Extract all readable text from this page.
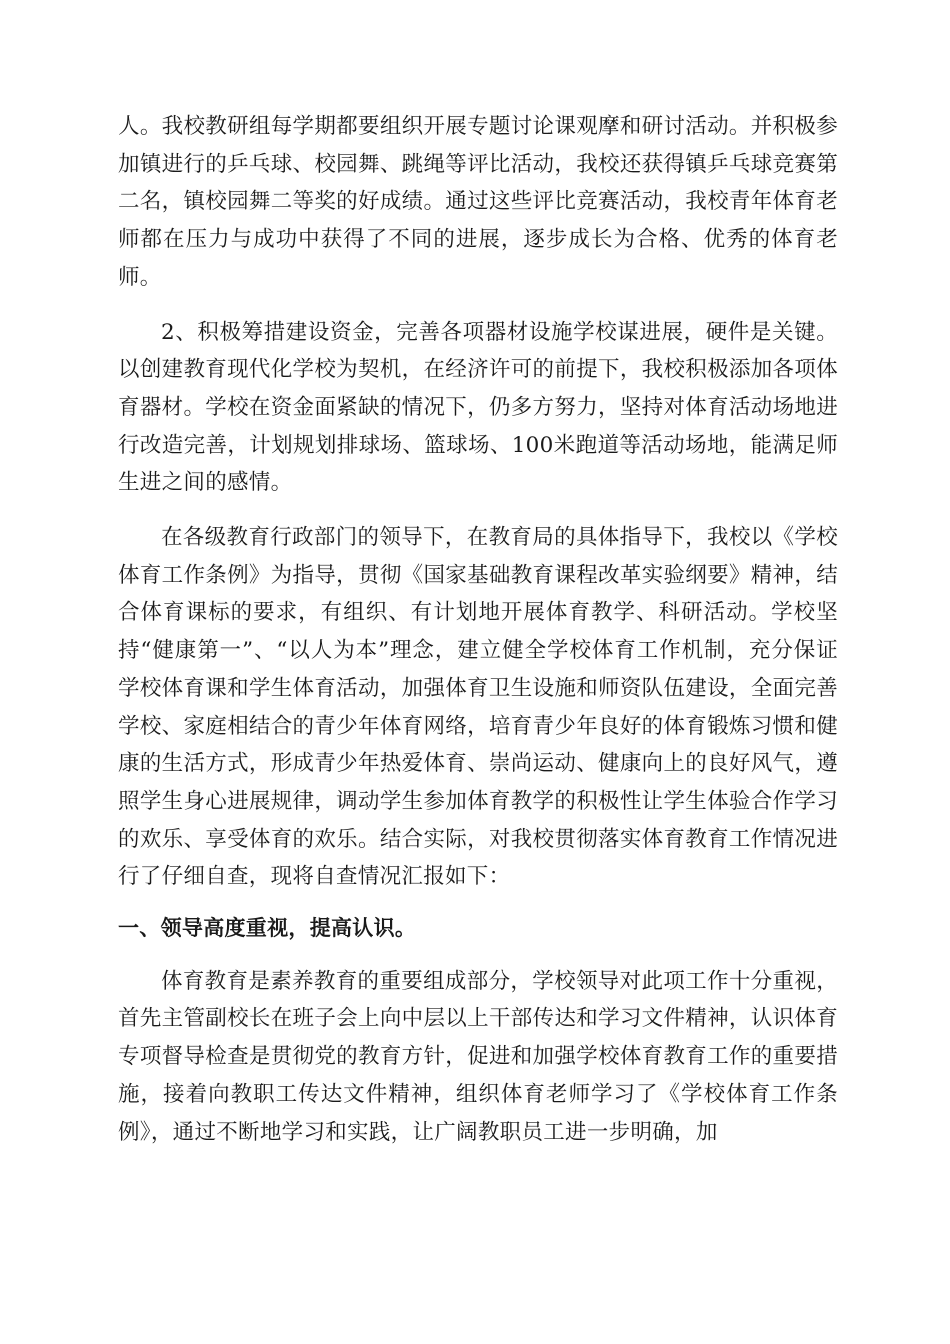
人。我校教研组每学期都要组织开展专题讨论课观摩和研讨活动。并积极参加镇进行的乒乓球、校园舞、跳绳等评比活动，我校还获得镇乒乓球竞赛第二名，镇校园舞二等奖的好成绩。通过这些评比竞赛活动，我校青年体育老师都在压力与成功中获得了不同的进展，逐步成长为合格、优秀的体育老师。

2、积极筹措建设资金，完善各项器材设施学校谋进展，硬件是关键。以创建教育现代化学校为契机，在经济许可的前提下，我校积极添加各项体育器材。学校在资金面紧缺的情况下，仍多方努力，坚持对体育活动场地进行改造完善，计划规划排球场、篮球场、100米跑道等活动场地，能满足师生进之间的感情。

在各级教育行政部门的领导下，在教育局的具体指导下，我校以《学校体育工作条例》为指导，贯彻《国家基础教育课程改革实验纲要》精神，结合体育课标的要求，有组织、有计划地开展体育教学、科研活动。学校坚持“健康第一”、“以人为本”理念，建立健全学校体育工作机制，充分保证学校体育课和学生体育活动，加强体育卫生设施和师资队伍建设，全面完善学校、家庭相结合的青少年体育网络，培育青少年良好的体育锻炼习惯和健康的生活方式，形成青少年热爱体育、崇尚运动、健康向上的良好风气，遵照学生身心进展规律，调动学生参加体育教学的积极性让学生体验合作学习的欢乐、享受体育的欢乐。结合实际，对我校贯彻落实体育教育工作情况进行了仔细自查，现将自查情况汇报如下：

一、领导高度重视，提高认识。

体育教育是素养教育的重要组成部分，学校领导对此项工作十分重视，首先主管副校长在班子会上向中层以上干部传达和学习文件精神，认识体育专项督导检查是贯彻党的教育方针，促进和加强学校体育教育工作的重要措施，接着向教职工传达文件精神，组织体育老师学习了《学校体育工作条例》，通过不断地学习和实践，让广阔教职员工进一步明确，加
